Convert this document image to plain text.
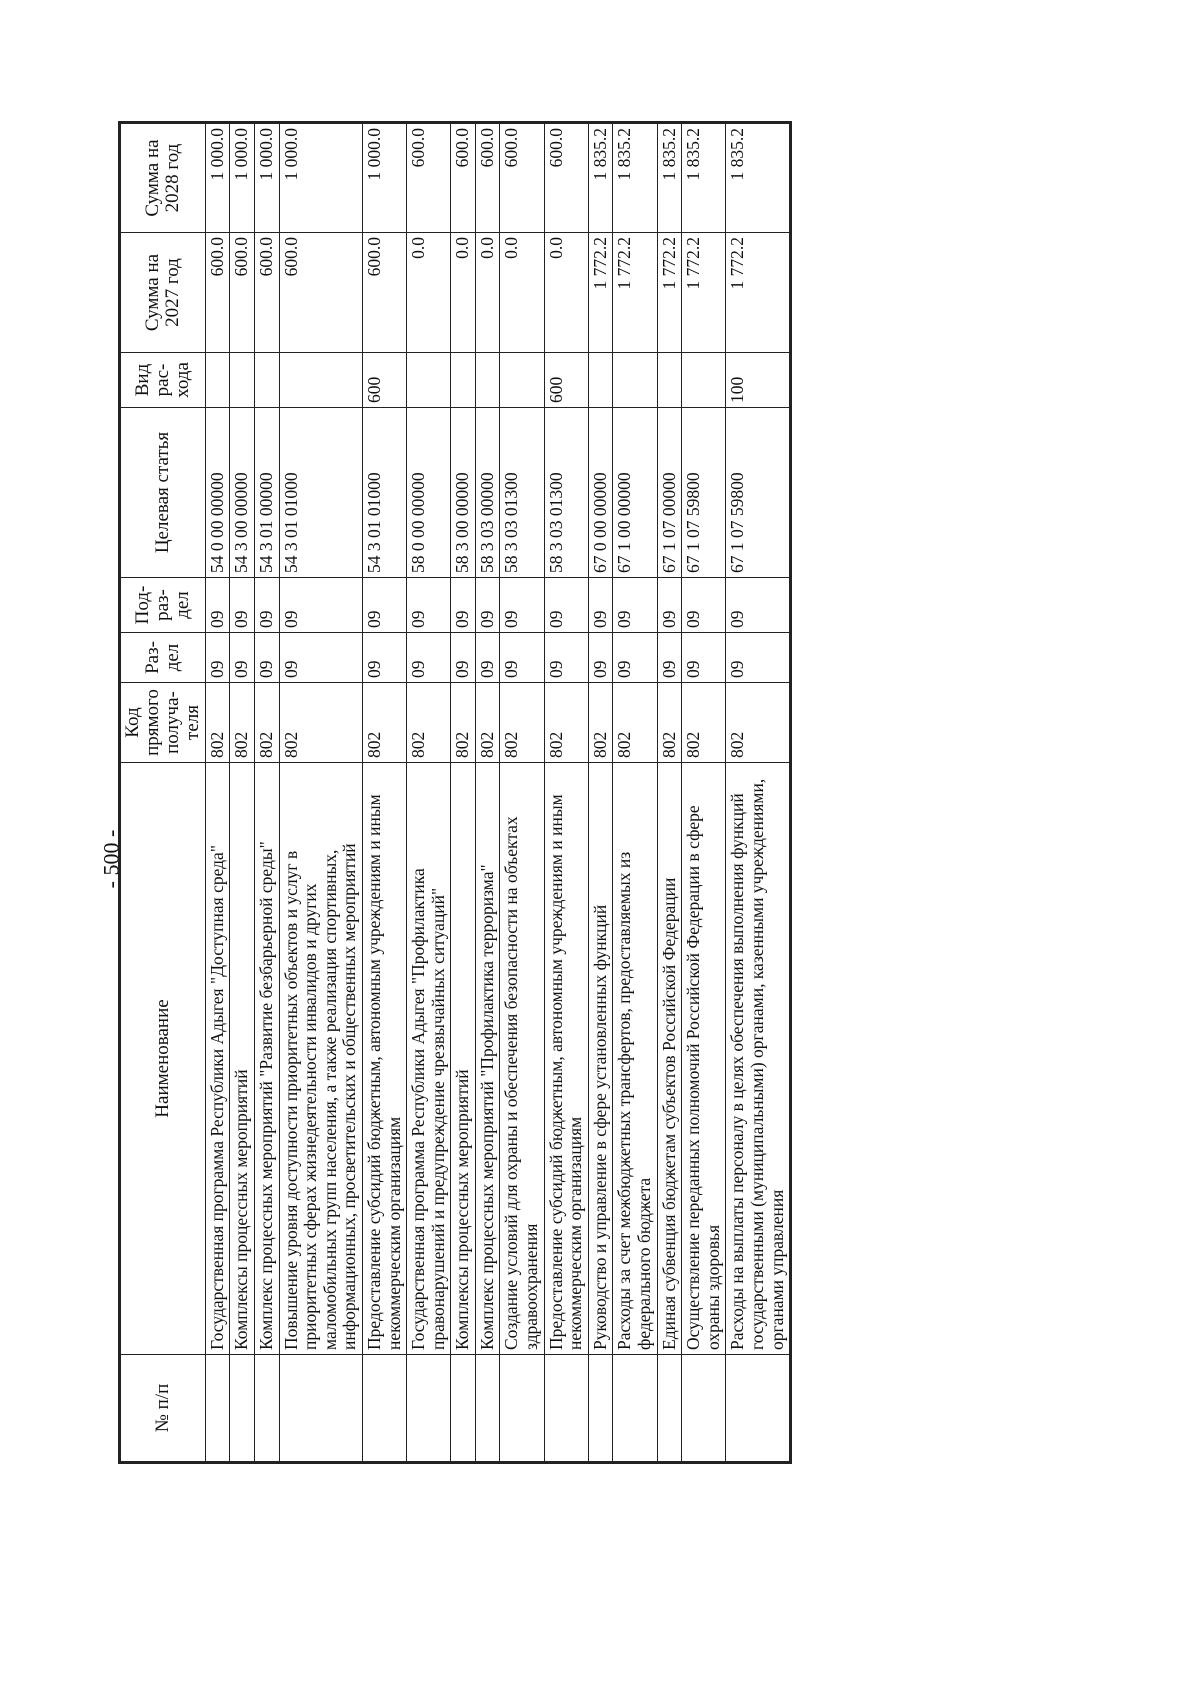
- 500 -
№ п/п	Наименование	Код прямого получа- теля	Раз- дел	Под- раз- дел	Целевая статья	Вид рас- хода	Сумма на 2027 год	Сумма на 2028 год
	Государственная программа Республики Адыгея "Доступная среда"	802	09	09	54 0 00 00000		600.0	1 000.0
	Комплексы процессных мероприятий	802	09	09	54 3 00 00000		600.0	1 000.0
	Комплекс процессных мероприятий "Развитие безбарьерной среды"	802	09	09	54 3 01 00000		600.0	1 000.0
	Повышение уровня доступности приоритетных объектов и услуг в приоритетных сферах жизнедеятельности инвалидов и других маломобильных групп населения, а также реализация спортивных, информационных, просветительских и общественных мероприятий	802	09	09	54 3 01 01000		600.0	1 000.0
	Предоставление субсидий бюджетным, автономным учреждениям и иным некоммерческим организациям	802	09	09	54 3 01 01000	600	600.0	1 000.0
	Государственная программа Республики Адыгея "Профилактика правонарушений и предупреждение чрезвычайных ситуаций"	802	09	09	58 0 00 00000		0.0	600.0
	Комплексы процессных мероприятий	802	09	09	58 3 00 00000		0.0	600.0
	Комплекс процессных мероприятий "Профилактика терроризма"	802	09	09	58 3 03 00000		0.0	600.0
	Создание условий для охраны и обеспечения безопасности на объектах здравоохранения	802	09	09	58 3 03 01300		0.0	600.0
	Предоставление субсидий бюджетным, автономным учреждениям и иным некоммерческим организациям	802	09	09	58 3 03 01300	600	0.0	600.0
	Руководство и управление в сфере установленных функций	802	09	09	67 0 00 00000		1 772.2	1 835.2
	Расходы за счет межбюджетных трансфертов, предоставляемых из федерального бюджета	802	09	09	67 1 00 00000		1 772.2	1 835.2
	Единая субвенция бюджетам субъектов Российской Федерации	802	09	09	67 1 07 00000		1 772.2	1 835.2
	Осуществление переданных полномочий Российской Федерации в сфере охраны здоровья	802	09	09	67 1 07 59800		1 772.2	1 835.2
	Расходы на выплаты персоналу в целях обеспечения выполнения функций государственными (муниципальными) органами, казенными учреждениями, органами управления	802	09	09	67 1 07 59800	100	1 772.2	1 835.2
